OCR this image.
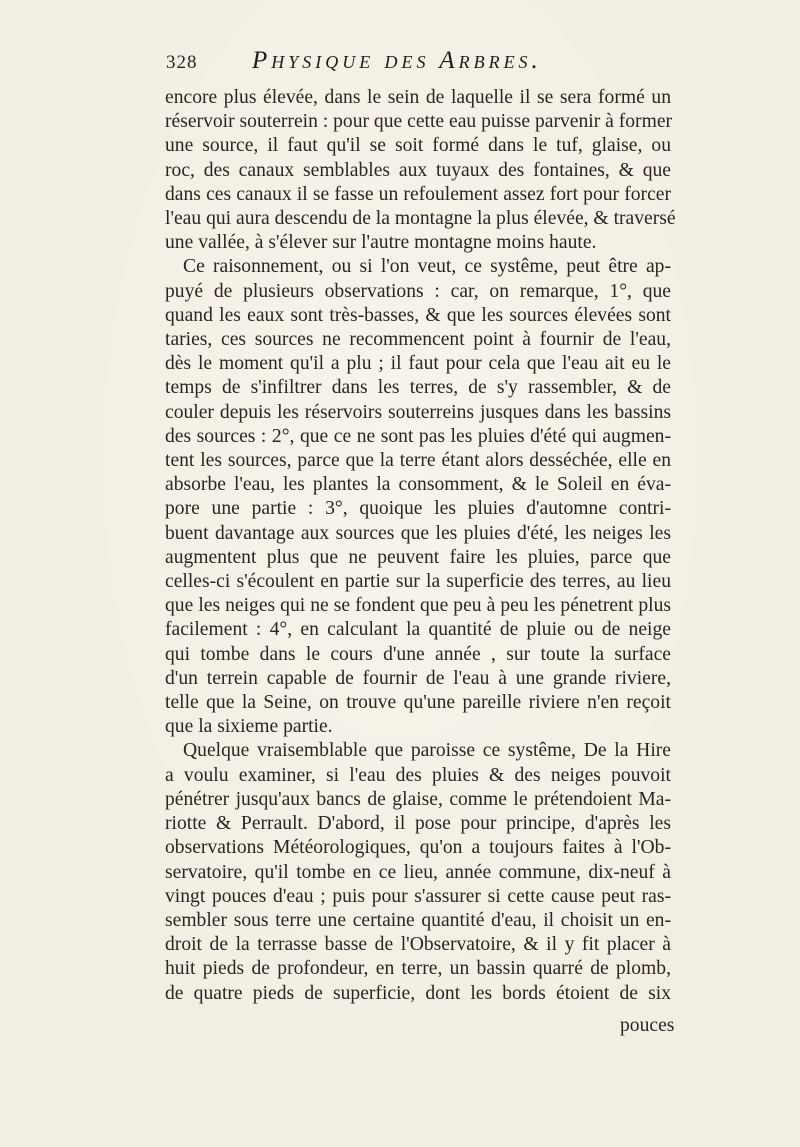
328	Physique des Arbres.
encore plus élevée, dans le sein de laquelle il se sera formé un
réservoir souterrein : pour que cette eau puisse parvenir à former
une source, il faut qu'il se soit formé dans le tuf, glaise, ou
roc, des canaux semblables aux tuyaux des fontaines, & que
dans ces canaux il se fasse un refoulement assez fort pour forcer
l'eau qui aura descendu de la montagne la plus élevée, & traversé
une vallée, à s'élever sur l'autre montagne moins haute.
Ce raisonnement, ou si l'on veut, ce systême, peut être ap-
puyé de plusieurs observations : car, on remarque, 1°, que
quand les eaux sont très-basses, & que les sources élevées sont
taries, ces sources ne recommencent point à fournir de l'eau,
dès le moment qu'il a plu ; il faut pour cela que l'eau ait eu le
temps de s'infiltrer dans les terres, de s'y rassembler, & de
couler depuis les réservoirs souterreins jusques dans les bassins
des sources : 2°, que ce ne sont pas les pluies d'été qui augmen-
tent les sources, parce que la terre étant alors desséchée, elle en
absorbe l'eau, les plantes la consomment, & le Soleil en éva-
pore une partie : 3°, quoique les pluies d'automne contri-
buent davantage aux sources que les pluies d'été, les neiges les
augmentent plus que ne peuvent faire les pluies, parce que
celles-ci s'écoulent en partie sur la superficie des terres, au lieu
que les neiges qui ne se fondent que peu à peu les pénetrent plus
facilement : 4°, en calculant la quantité de pluie ou de neige
qui tombe dans le cours d'une année , sur toute la surface
d'un terrein capable de fournir de l'eau à une grande riviere,
telle que la Seine, on trouve qu'une pareille riviere n'en reçoit
que la sixieme partie.
Quelque vraisemblable que paroisse ce systême, De la Hire
a voulu examiner, si l'eau des pluies & des neiges pouvoit
pénétrer jusqu'aux bancs de glaise, comme le prétendoient Ma-
riotte & Perrault. D'abord, il pose pour principe, d'après les
observations Météorologiques, qu'on a toujours faites à l'Ob-
servatoire, qu'il tombe en ce lieu, année commune, dix-neuf à
vingt pouces d'eau ; puis pour s'assurer si cette cause peut ras-
sembler sous terre une certaine quantité d'eau, il choisit un en-
droit de la terrasse basse de l'Observatoire, & il y fit placer à
huit pieds de profondeur, en terre, un bassin quarré de plomb,
de quatre pieds de superficie, dont les bords étoient de six
pouces
